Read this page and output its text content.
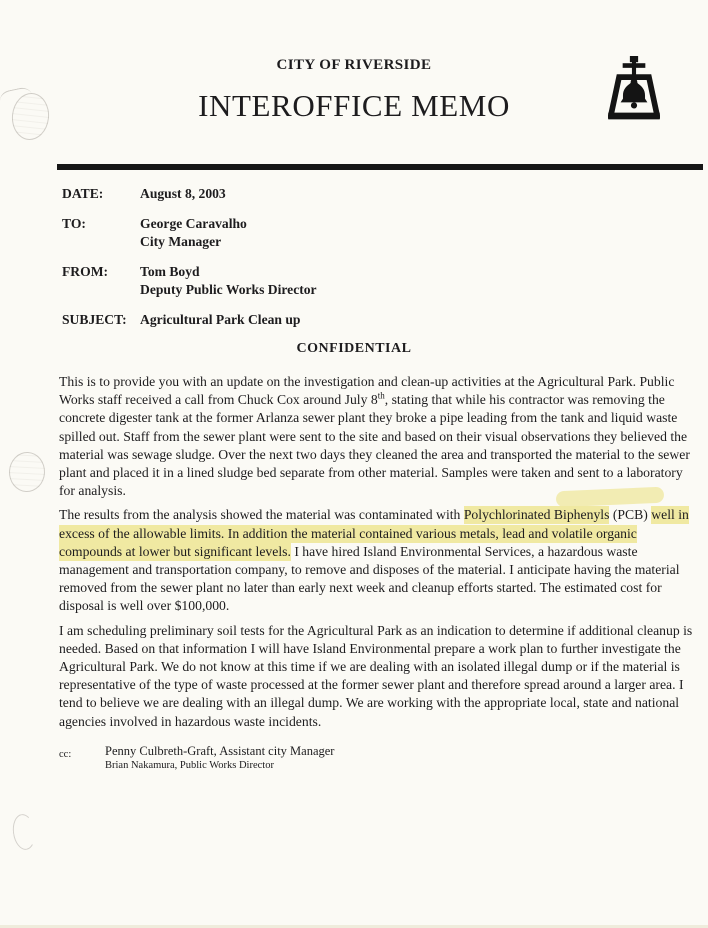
CITY OF RIVERSIDE
INTEROFFICE MEMO
DATE:	August 8, 2003
TO:	George Caravalho
City Manager
FROM:	Tom Boyd
Deputy Public Works Director
SUBJECT: Agricultural Park Clean up
CONFIDENTIAL

This is to provide you with an update on the investigation and clean-up activities at the Agricultural Park. Public Works staff received a call from Chuck Cox around July 8th, stating that while his contractor was removing the concrete digester tank at the former Arlanza sewer plant they broke a pipe leading from the tank and liquid waste spilled out. Staff from the sewer plant were sent to the site and based on their visual observations they believed the material was sewage sludge. Over the next two days they cleaned the area and transported the material to the sewer plant and placed it in a lined sludge bed separate from other material. Samples were taken and sent to a laboratory for analysis.

The results from the analysis showed the material was contaminated with Polychlorinated Biphenyls (PCB) well in excess of the allowable limits. In addition the material contained various metals, lead and volatile organic compounds at lower but significant levels. I have hired Island Environmental Services, a hazardous waste management and transportation company, to remove and disposes of the material. I anticipate having the material removed from the sewer plant no later than early next week and cleanup efforts started. The estimated cost for disposal is well over $100,000.

I am scheduling preliminary soil tests for the Agricultural Park as an indication to determine if additional cleanup is needed. Based on that information I will have Island Environmental prepare a work plan to further investigate the Agricultural Park. We do not know at this time if we are dealing with an isolated illegal dump or if the material is representative of the type of waste processed at the former sewer plant and therefore spread around a larger area. I tend to believe we are dealing with an illegal dump. We are working with the appropriate local, state and national agencies involved in hazardous waste incidents.

cc:	Penny Culbreth-Graft, Assistant city Manager
Brian Nakamura, Public Works Director
